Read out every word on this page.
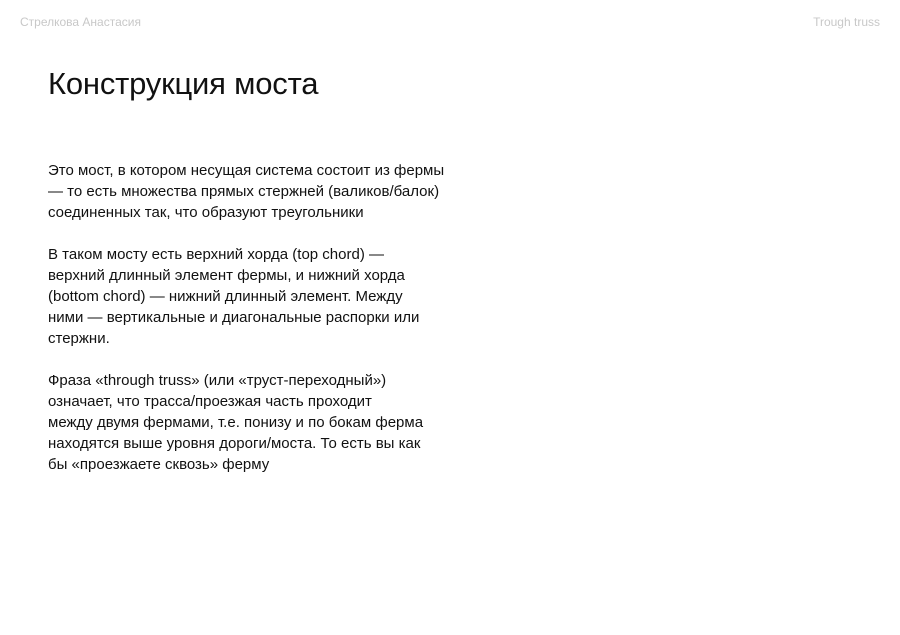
Стрелкова Анастасия	Trough truss
Конструкция моста

Это мост, в котором несущая система состоит из фермы
— то есть множества прямых стержней (валиков/балок)
соединенных так, что образуют треугольники

В таком мосту есть верхний хорда (top chord) —
верхний длинный элемент фермы, и нижний хорда
(bottom chord) — нижний длинный элемент. Между
ними — вертикальные и диагональные распорки или
стержни.

Фраза «through truss» (или «труст-переходный»)
означает, что трасса/проезжая часть проходит
между двумя фермами, т.е. понизу и по бокам ферма
находятся выше уровня дороги/моста. То есть вы как
бы «проезжаете сквозь» ферму
